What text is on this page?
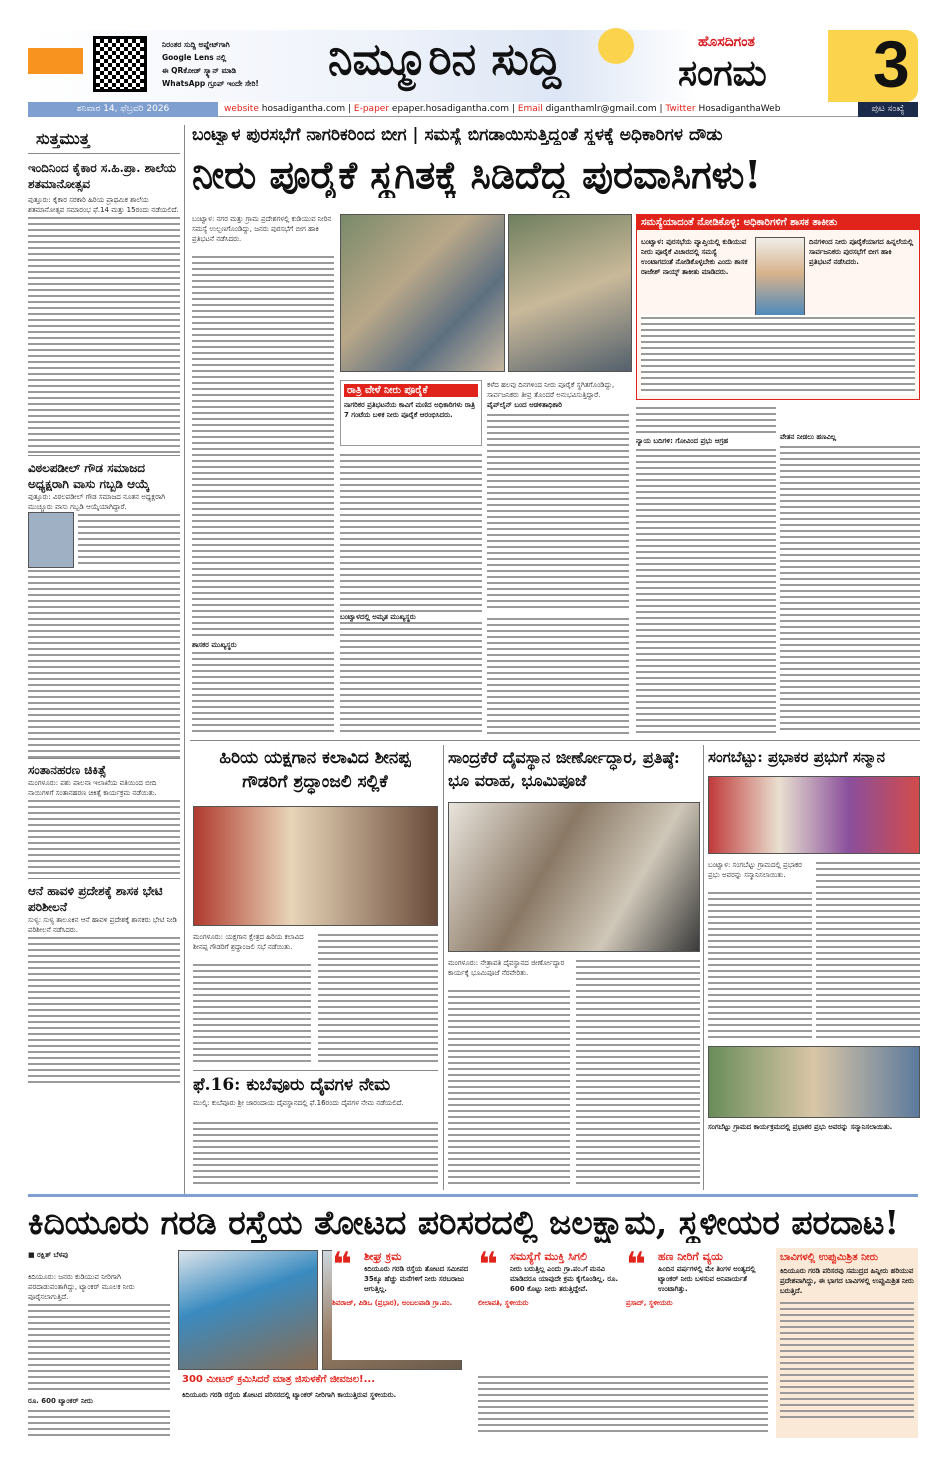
ನಿರಂತರ ಸುದ್ದಿ ಅಪ್ಡೇಟ್‌ಗಾಗಿ
Google Lens ನಲ್ಲಿ
ಈ QRಕೋಡ್ ಸ್ಕ್ಯಾನ್ ಮಾಡಿ
WhatsApp ಗ್ರೂಪ್ ಇಂದೇ ಸೇರಿ! ನಿಮ್ಮೂರಿನ ಸುದ್ದಿ	ಹೊಸದಿಗಂತ
ಸಂಗಮ 3
ಶನಿವಾರ 14, ಫೆಬ್ರವರಿ 2026	website hosadigantha.com | E-paper epaper.hosadigantha.com | Email diganthamlr@gmail.com | Twitter HosadiganthaWeb	ಪುಟ ಸಂಖ್ಯೆ
ಸುತ್ತಮುತ್ತ
ಇಂದಿನಿಂದ ಕೈಕಾರ ಸ.ಹಿ.ಪ್ರಾ. ಶಾಲೆಯ ಶತಮಾನೋತ್ಸವ
ಪುತ್ತೂರು: ಕೈಕಾರ ಸರಕಾರಿ ಹಿರಿಯ ಪ್ರಾಥಮಿಕ ಶಾಲೆಯ ಶತಮಾನೋತ್ಸವ ಸಮಾರಂಭ ಫೆ.14 ಮತ್ತು 15ರಂದು ನಡೆಯಲಿದೆ.
ವಿಠಲಪಡೀಲ್ ಗೌಡ ಸಮಾಜದ ಅಧ್ಯಕ್ಷರಾಗಿ ವಾಸು ಗಬ್ಬಡಿ ಆಯ್ಕೆ
ಪುತ್ತೂರು: ವಿಠಲಪಡೀಲ್ ಗೌಡ ಸಮಾಜದ ನೂತನ ಅಧ್ಯಕ್ಷರಾಗಿ ಮುಚ್ಚೂರು ವಾಸು ಗಬ್ಬಡಿ ಆಯ್ಕೆಯಾಗಿದ್ದಾರೆ.
ಸಂತಾನಹರಣ ಚಿಕಿತ್ಸೆ
ಮಂಗಳೂರು: ಪಶು ಪಾಲನಾ ಇಲಾಖೆಯ ವತಿಯಿಂದ ಬೀದಿ ನಾಯಿಗಳಿಗೆ ಸಂತಾನಹರಣ ಚಿಕಿತ್ಸೆ ಕಾರ್ಯಕ್ರಮ ನಡೆಯಿತು.
ಆನೆ ಹಾವಳಿ ಪ್ರದೇಶಕ್ಕೆ ಶಾಸಕ ಭೇಟಿ ಪರಿಶೀಲನೆ
ಸುಳ್ಯ: ಸುಳ್ಯ ತಾಲೂಕಿನ ಆನೆ ಹಾವಳಿ ಪ್ರದೇಶಕ್ಕೆ ಶಾಸಕರು ಭೇಟಿ ನೀಡಿ ಪರಿಶೀಲನೆ ನಡೆಸಿದರು.
ಬಂಟ್ವಾಳ ಪುರಸಭೆಗೆ ನಾಗರಿಕರಿಂದ ಬೀಗ | ಸಮಸ್ಯೆ ಬಿಗಡಾಯಿಸುತ್ತಿದ್ದಂತೆ ಸ್ಥಳಕ್ಕೆ ಅಧಿಕಾರಿಗಳ ದೌಡು
ನೀರು ಪೂರೈಕೆ ಸ್ಥಗಿತಕ್ಕೆ ಸಿಡಿದೆದ್ದ ಪುರವಾಸಿಗಳು!
ಬಂಟ್ವಾಳ: ನಗರ ಮತ್ತು ಗ್ರಾಮ ಪ್ರದೇಶಗಳಲ್ಲಿ ಕುಡಿಯುವ ನೀರಿನ ಸಮಸ್ಯೆ ಉಲ್ಬಣಗೊಂಡಿದ್ದು, ಜನರು ಪುರಸಭೆಗೆ ಬೀಗ ಹಾಕಿ ಪ್ರತಿಭಟನೆ ನಡೆಸಿದರು.
ರಾತ್ರಿ ವೇಳೆ ನೀರು ಪೂರೈಕೆ
ನಾಗರಿಕರ ಪ್ರತಿಭಟನೆಯ ಕಾವಿಗೆ ಮಣಿದ ಅಧಿಕಾರಿಗಳು ರಾತ್ರಿ 7 ಗಂಟೆಯ ಬಳಿಕ ನೀರು ಪೂರೈಕೆ ಆರಂಭಿಸಿದರು.
ಕಳೆದ ಹಲವು ದಿನಗಳಿಂದ ನೀರು ಪೂರೈಕೆ ಸ್ಥಗಿತಗೊಂಡಿದ್ದು, ಸಾರ್ವಜನಿಕರು ತೀವ್ರ ತೊಂದರೆ ಅನುಭವಿಸುತ್ತಿದ್ದಾರೆ.
ಪೈಪ್‌ಲೈನ್ ಬಂದ ಆಡಳಿತಾಧಿಕಾರಿ
ಬಂಟ್ವಾಳದಲ್ಲಿ ಅಮೃತ ಮುಖ್ಯಸ್ಥರು
ಶಾಸಕರ ಮುಖ್ಯಸ್ಥರು
ಸಮಸ್ಯೆಯಾದಂತೆ ನೋಡಿಕೊಳ್ಳಿ: ಅಧಿಕಾರಿಗಳಿಗೆ ಶಾಸಕ ತಾಕೀತು
ಬಂಟ್ವಾಳ: ಪುರಸಭೆಯ ವ್ಯಾಪ್ತಿಯಲ್ಲಿ ಕುಡಿಯುವ ನೀರು ಪೂರೈಕೆ ವಿಚಾರದಲ್ಲಿ ಸಮಸ್ಯೆ ಉಂಟಾಗದಂತೆ ನೋಡಿಕೊಳ್ಳಬೇಕು ಎಂದು ಶಾಸಕ ರಾಜೇಶ್ ನಾಯ್ಕ್ ತಾಕೀತು ಮಾಡಿದರು.
ದಿನಗಳಿಂದ ನೀರು ಪೂರೈಕೆಯಾಗದ ಹಿನ್ನಲೆಯಲ್ಲಿ ಸಾರ್ವಜನಿಕರು ಪುರಸಭೆಗೆ ಬೀಗ ಹಾಕಿ ಪ್ರತಿಭಟನೆ ನಡೆಸಿದರು.
ನ್ಯಾಯ ಬದಿಗಳಿ: ಗೋವಿಂದ ಪ್ರಭು ಆಗ್ರಹ	ವೇತನ ನೀಡಲು ಹಣವಿಲ್ಲ
ಹಿರಿಯ ಯಕ್ಷಗಾನ ಕಲಾವಿದ ಶೀನಪ್ಪ ಗೌಡರಿಗೆ ಶ್ರದ್ಧಾಂಜಲಿ ಸಲ್ಲಿಕೆ
ಮಂಗಳೂರು: ಯಕ್ಷಗಾನ ಕ್ಷೇತ್ರದ ಹಿರಿಯ ಕಲಾವಿದ ಶೀನಪ್ಪ ಗೌಡರಿಗೆ ಶ್ರದ್ಧಾಂಜಲಿ ಸಭೆ ನಡೆಯಿತು.
ಫೆ.16: ಕುಬೆವೂರು ದೈವಗಳ ನೇಮ
ಮುಲ್ಕಿ: ಕುಬೆವೂರು ಶ್ರೀ ಜಾರಂದಾಯ ದೈವಸ್ಥಾನದಲ್ಲಿ ಫೆ.16ರಂದು ದೈವಗಳ ನೇಮ ನಡೆಯಲಿದೆ.
ಸಾಂದ್ರಕೆರೆ ದೈವಸ್ಥಾನ ಜೀರ್ಣೋದ್ಧಾರ, ಪ್ರತಿಷ್ಠೆ: ಭೂ ವರಾಹ, ಭೂಮಿಪೂಜೆ
ಮಂಗಳೂರು: ನೇತ್ರಾವತಿ ದೈವಸ್ಥಾನದ ಜೀರ್ಣೋದ್ಧಾರ ಕಾರ್ಯಕ್ಕೆ ಭೂಮಿಪೂಜೆ ನೆರವೇರಿತು.
ಸಂಗಬೆಟ್ಟು: ಪ್ರಭಾಕರ ಪ್ರಭುಗೆ ಸನ್ಮಾನ
ಬಂಟ್ವಾಳ: ಸಂಗಬೆಟ್ಟು ಗ್ರಾಮದಲ್ಲಿ ಪ್ರಭಾಕರ ಪ್ರಭು ಅವರನ್ನು ಸನ್ಮಾನಿಸಲಾಯಿತು.
ಸಂಗಬೆಟ್ಟು ಗ್ರಾಮದ ಕಾರ್ಯಕ್ರಮದಲ್ಲಿ ಪ್ರಭಾಕರ ಪ್ರಭು ಅವರನ್ನು ಸನ್ಮಾನಿಸಲಾಯಿತು.
ಕಿದಿಯೂರು ಗರಡಿ ರಸ್ತೆಯ ತೋಟದ ಪರಿಸರದಲ್ಲಿ ಜಲಕ್ಷಾಮ, ಸ್ಥಳೀಯರ ಪರದಾಟ!
■ ರಕ್ಷಿತ್ ಬೆಳಪು
ಕಿದಿಯೂರು: ಜನರು ಕುಡಿಯುವ ನೀರಿಗಾಗಿ ಪರದಾಡುವಂತಾಗಿದ್ದು, ಟ್ಯಾಂಕರ್ ಮೂಲಕ ನೀರು ಪೂರೈಸಲಾಗುತ್ತಿದೆ.
ರೂ. 600 ಟ್ಯಾಂಕರ್ ನೀರು
300 ಮೀಟರ್ ಕ್ರಮಿಸಿದರೆ ಮಾತ್ರ ಜಿಸುಳಕೆಗೆ ಜೀವಜಲ!...
ಕಿದಿಯೂರು ಗರಡಿ ರಸ್ತೆಯ ತೋಟದ ಪರಿಸರದಲ್ಲಿ ಟ್ಯಾಂಕರ್ ನೀರಿಗಾಗಿ ಕಾಯುತ್ತಿರುವ ಸ್ಥಳೀಯರು.
❝ ಶೀಘ್ರ ಕ್ರಮ
ಕಿದಿಯೂರು ಗರಡಿ ರಸ್ತೆಯ ತೋಟದ ಸಮೀಪದ 35ಕ್ಕೂ ಹೆಚ್ಚು ಮನೆಗಳಿಗೆ ನೀರು ಸರಬರಾಜು ಆಗುತ್ತಿಲ್ಲ.
ಶಿವರಾಜ್, ಪಿಡಿಒ (ಪ್ರಭಾರ), ಅಂಬಲಪಾಡಿ ಗ್ರಾ.ಪಂ.
❝ ಸಮಸ್ಯೆಗೆ ಮುಕ್ತಿ ಸಿಗಲಿ
ನೀರು ಬರುತ್ತಿಲ್ಲ ಎಂದು ಗ್ರಾ.ಪಂ.ಗೆ ಮನವಿ ಮಾಡಿದರೂ ಯಾವುದೇ ಕ್ರಮ ಕೈಗೊಂಡಿಲ್ಲ. ರೂ. 600 ಕೊಟ್ಟು ನೀರು ತರುತ್ತಿದ್ದೇವೆ.
ಲೀಲಾವತಿ, ಸ್ಥಳೀಯರು
❝ ಹಣ ನೀರಿಗೆ ವ್ಯಯ
ಹಿಂದಿನ ವರ್ಷಗಳಲ್ಲಿ ಮೇ ತಿಂಗಳ ಅಂತ್ಯದಲ್ಲಿ ಟ್ಯಾಂಕರ್ ನೀರು ಬಳಸುವ ಅನಿವಾರ್ಯತೆ ಉಂಟಾಗಿತ್ತು.
ಪ್ರಸಾದ್, ಸ್ಥಳೀಯರು
ಬಾವಿಗಳಲ್ಲಿ ಉಪ್ಪುಮಿಶ್ರಿತ ನೀರು
ಕಿದಿಯೂರು ಗರಡಿ ಪರಿಸರವು ಸಮುದ್ರದ ಹಿನ್ನೀರು ಹರಿಯುವ ಪ್ರದೇಶವಾಗಿದ್ದು, ಈ ಭಾಗದ ಬಾವಿಗಳಲ್ಲಿ ಉಪ್ಪುಮಿಶ್ರಿತ ನೀರು ಬರುತ್ತಿದೆ.
